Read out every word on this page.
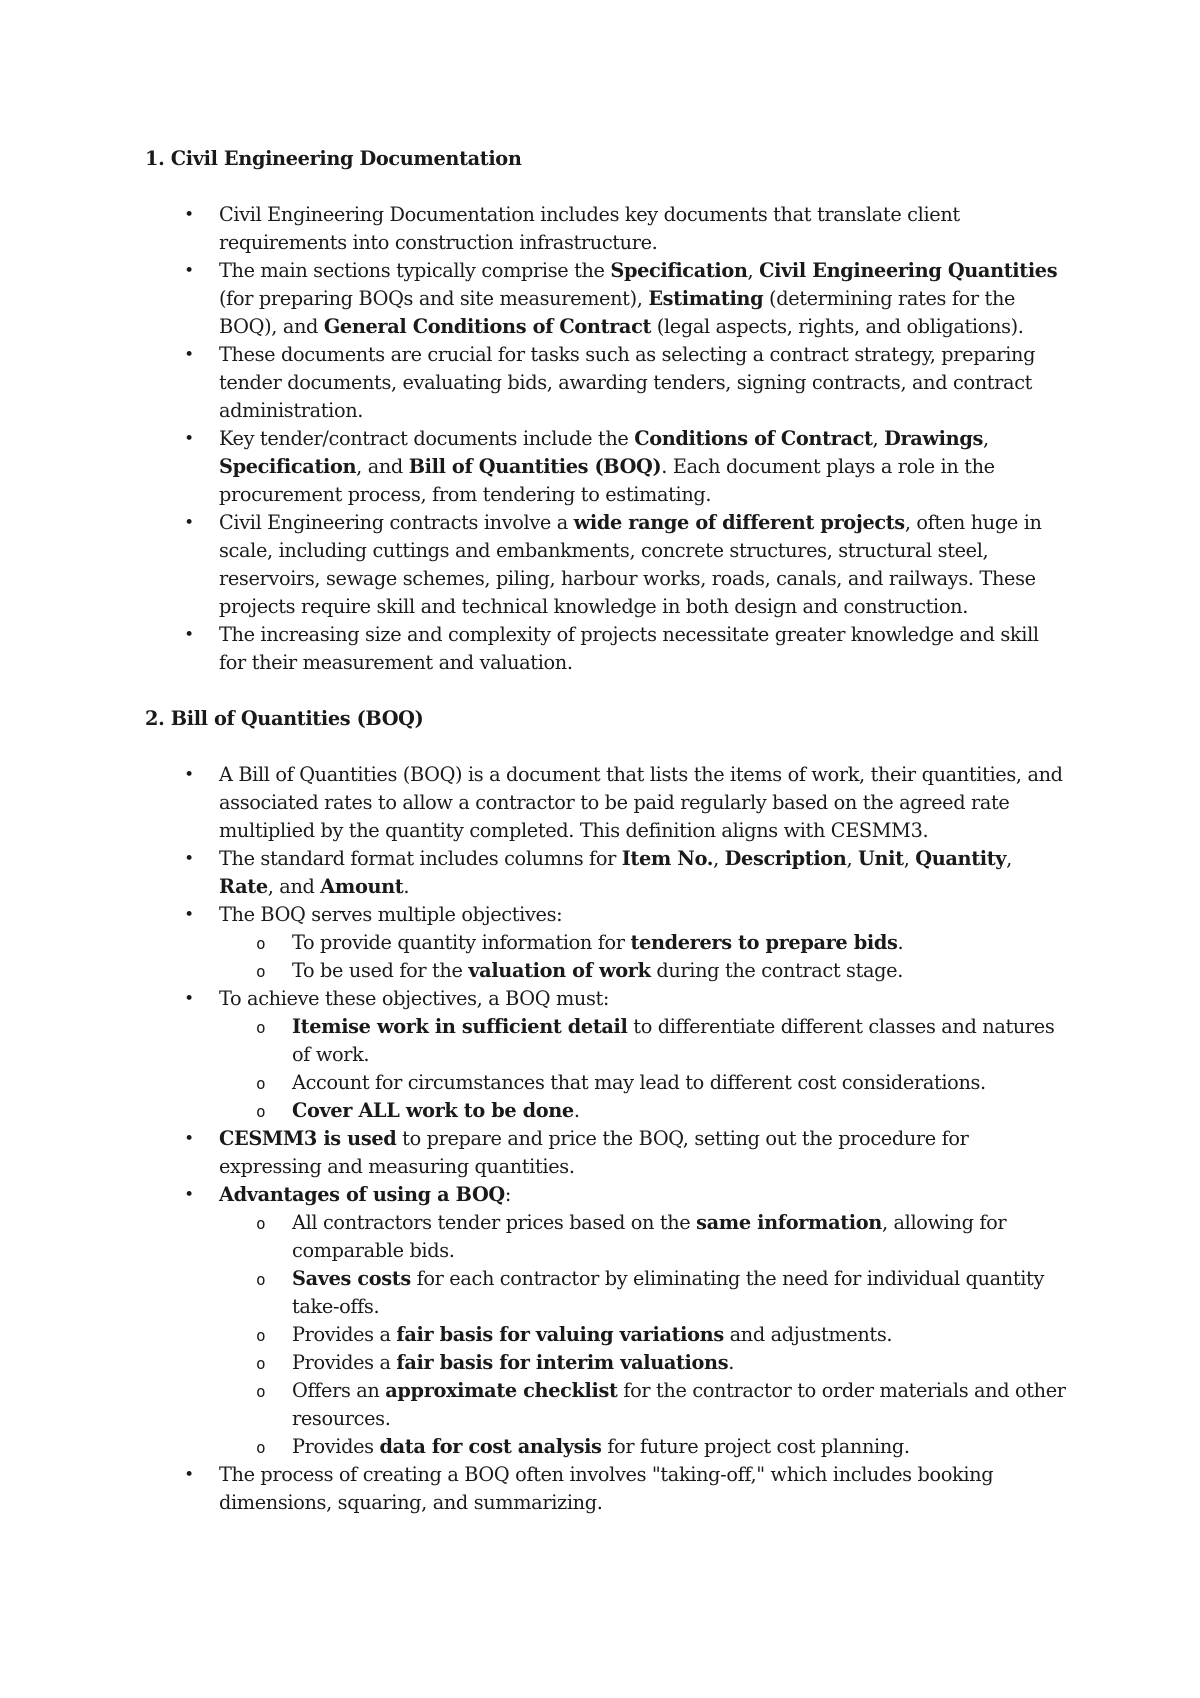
1. Civil Engineering Documentation
• Civil Engineering Documentation includes key documents that translate client requirements into construction infrastructure.
• The main sections typically comprise the Specification, Civil Engineering Quantities (for preparing BOQs and site measurement), Estimating (determining rates for the BOQ), and General Conditions of Contract (legal aspects, rights, and obligations).
• These documents are crucial for tasks such as selecting a contract strategy, preparing tender documents, evaluating bids, awarding tenders, signing contracts, and contract administration.
• Key tender/contract documents include the Conditions of Contract, Drawings, Specification, and Bill of Quantities (BOQ). Each document plays a role in the procurement process, from tendering to estimating.
• Civil Engineering contracts involve a wide range of different projects, often huge in scale, including cuttings and embankments, concrete structures, structural steel, reservoirs, sewage schemes, piling, harbour works, roads, canals, and railways. These projects require skill and technical knowledge in both design and construction.
• The increasing size and complexity of projects necessitate greater knowledge and skill for their measurement and valuation.
2. Bill of Quantities (BOQ)
• A Bill of Quantities (BOQ) is a document that lists the items of work, their quantities, and associated rates to allow a contractor to be paid regularly based on the agreed rate multiplied by the quantity completed. This definition aligns with CESMM3.
• The standard format includes columns for Item No., Description, Unit, Quantity, Rate, and Amount.
• The BOQ serves multiple objectives:
o To provide quantity information for tenderers to prepare bids.
o To be used for the valuation of work during the contract stage.
• To achieve these objectives, a BOQ must:
o Itemise work in sufficient detail to differentiate different classes and natures of work.
o Account for circumstances that may lead to different cost considerations.
o Cover ALL work to be done.
• CESMM3 is used to prepare and price the BOQ, setting out the procedure for expressing and measuring quantities.
• Advantages of using a BOQ:
o All contractors tender prices based on the same information, allowing for comparable bids.
o Saves costs for each contractor by eliminating the need for individual quantity take-offs.
o Provides a fair basis for valuing variations and adjustments.
o Provides a fair basis for interim valuations.
o Offers an approximate checklist for the contractor to order materials and other resources.
o Provides data for cost analysis for future project cost planning.
• The process of creating a BOQ often involves "taking-off," which includes booking dimensions, squaring, and summarizing.
